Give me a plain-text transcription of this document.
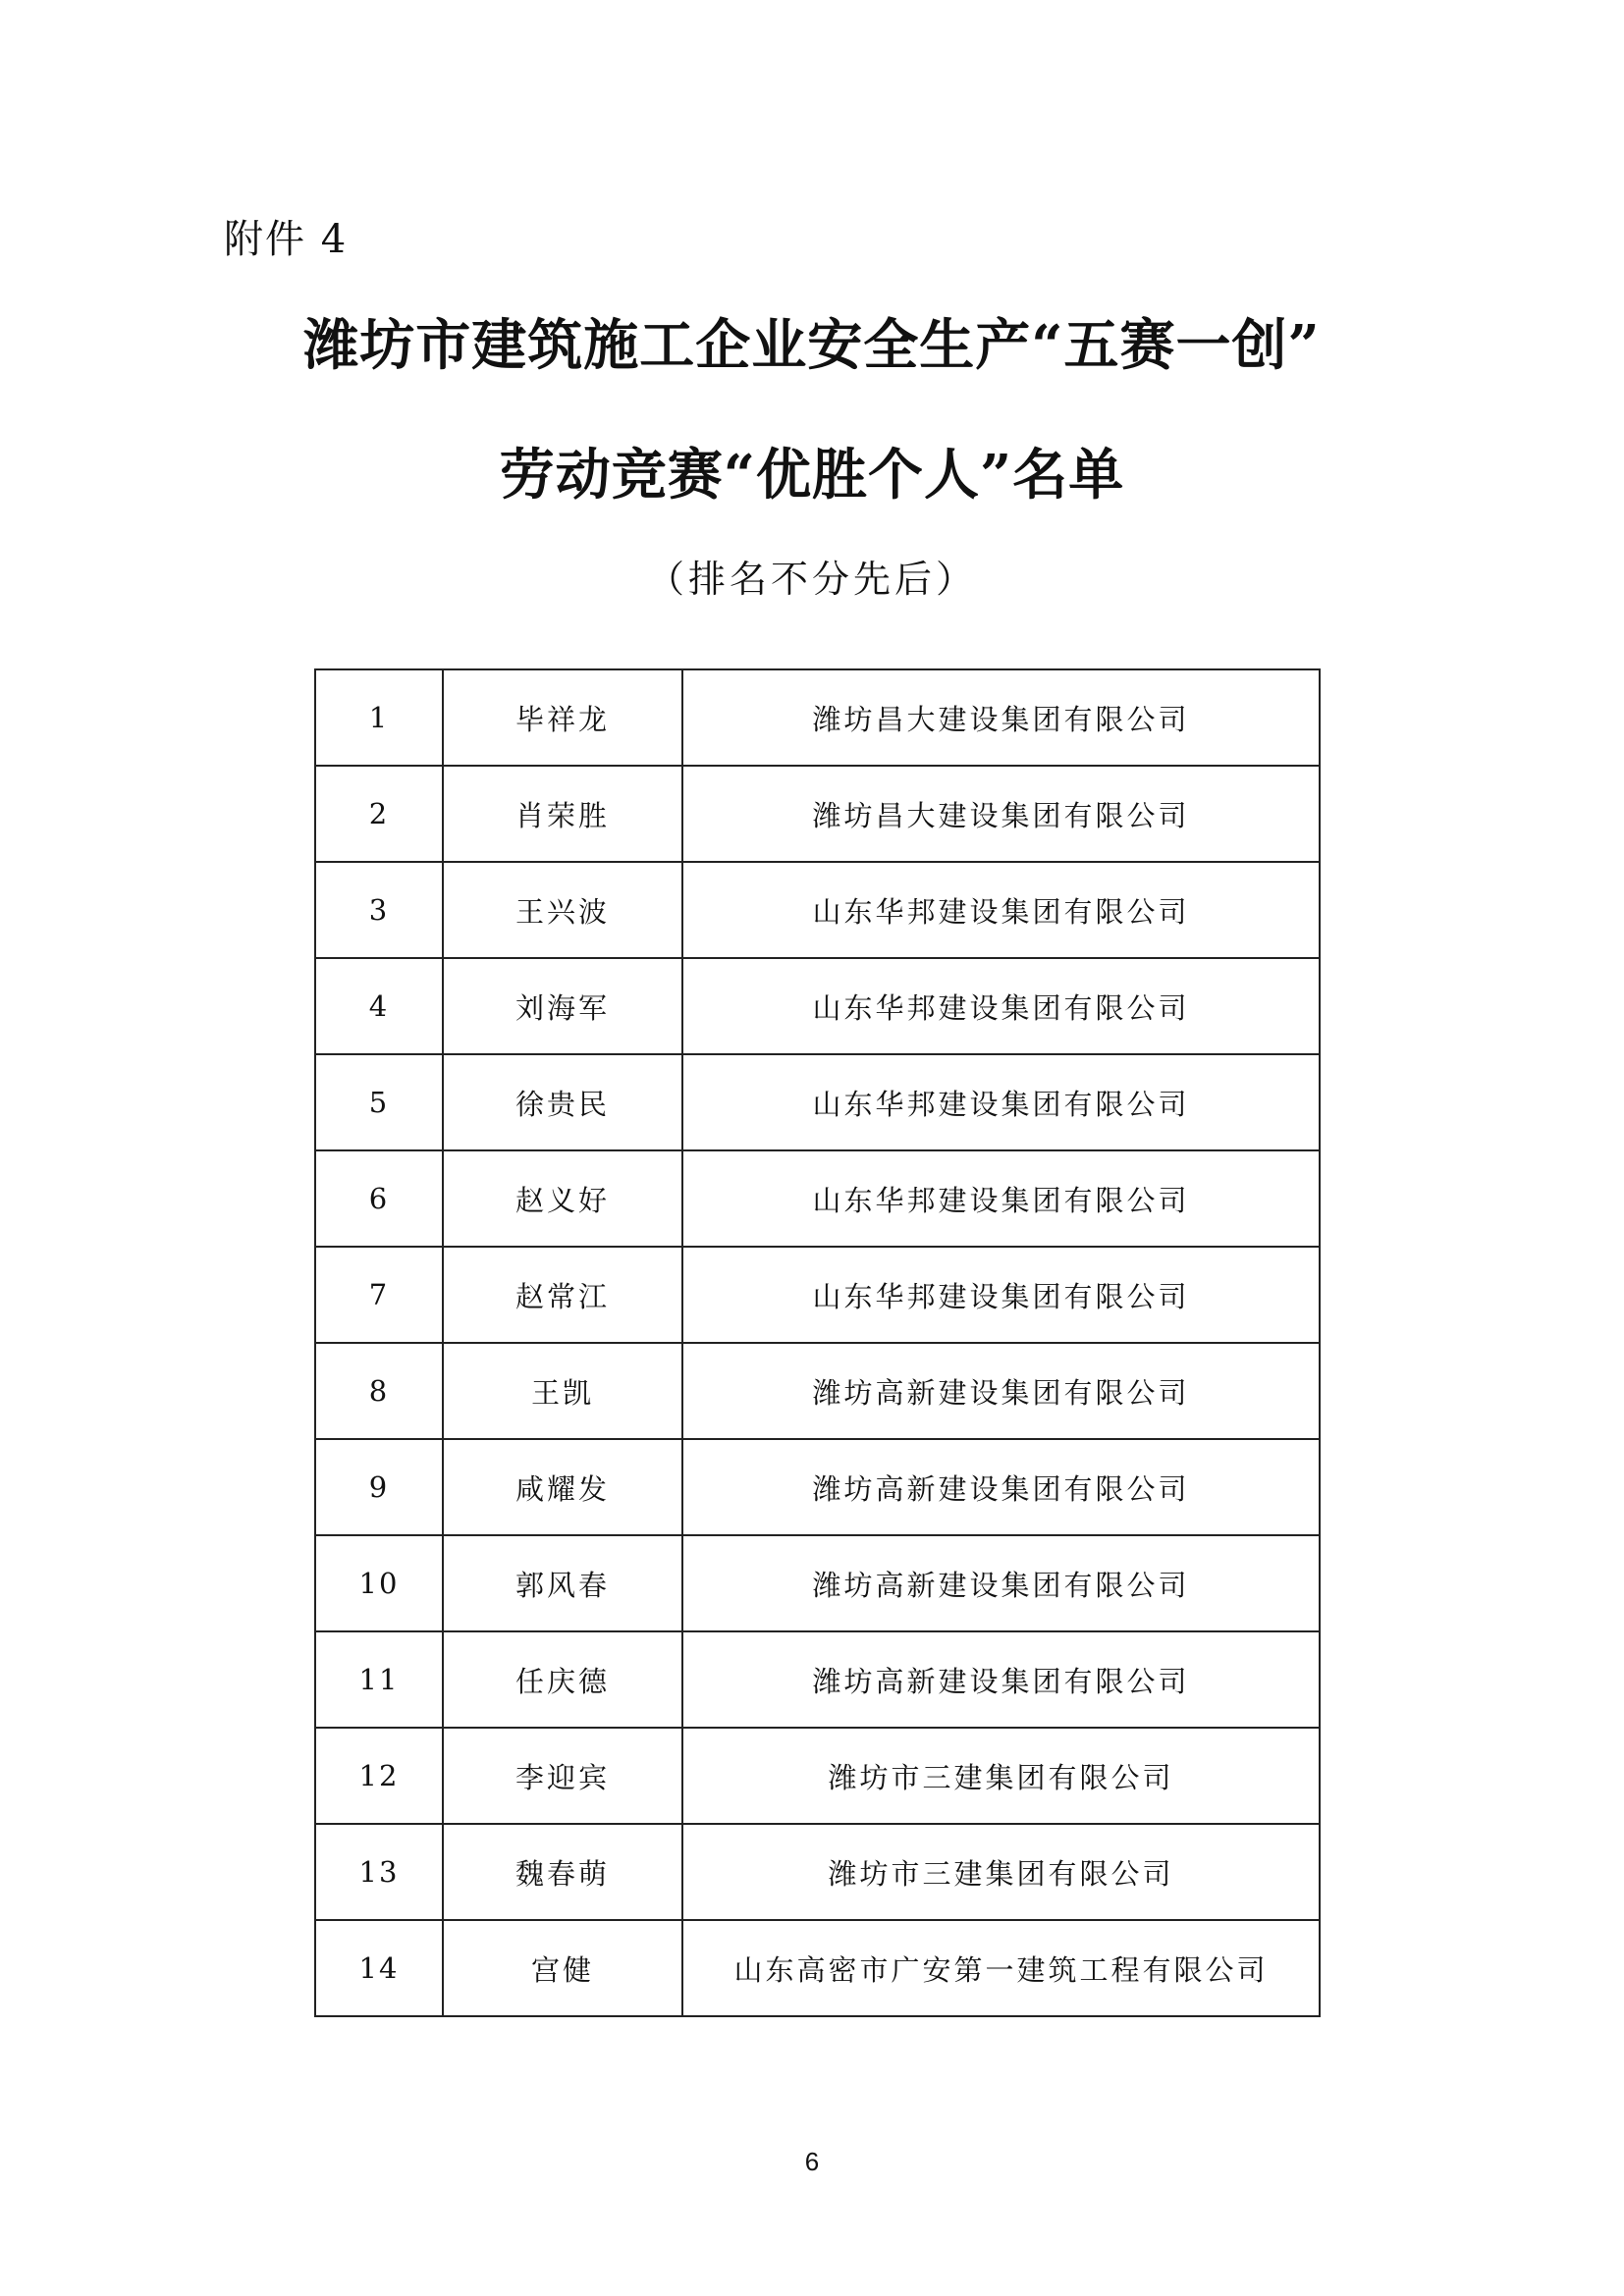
附件 4
潍坊市建筑施工企业安全生产“五赛一创”
劳动竞赛“优胜个人”名单
（排名不分先后）
1	毕祥龙	潍坊昌大建设集团有限公司
2	肖荣胜	潍坊昌大建设集团有限公司
3	王兴波	山东华邦建设集团有限公司
4	刘海军	山东华邦建设集团有限公司
5	徐贵民	山东华邦建设集团有限公司
6	赵义好	山东华邦建设集团有限公司
7	赵常江	山东华邦建设集团有限公司
8	王凯	潍坊高新建设集团有限公司
9	咸耀发	潍坊高新建设集团有限公司
10	郭风春	潍坊高新建设集团有限公司
11	任庆德	潍坊高新建设集团有限公司
12	李迎宾	潍坊市三建集团有限公司
13	魏春萌	潍坊市三建集团有限公司
14	宫健	山东高密市广安第一建筑工程有限公司
6
